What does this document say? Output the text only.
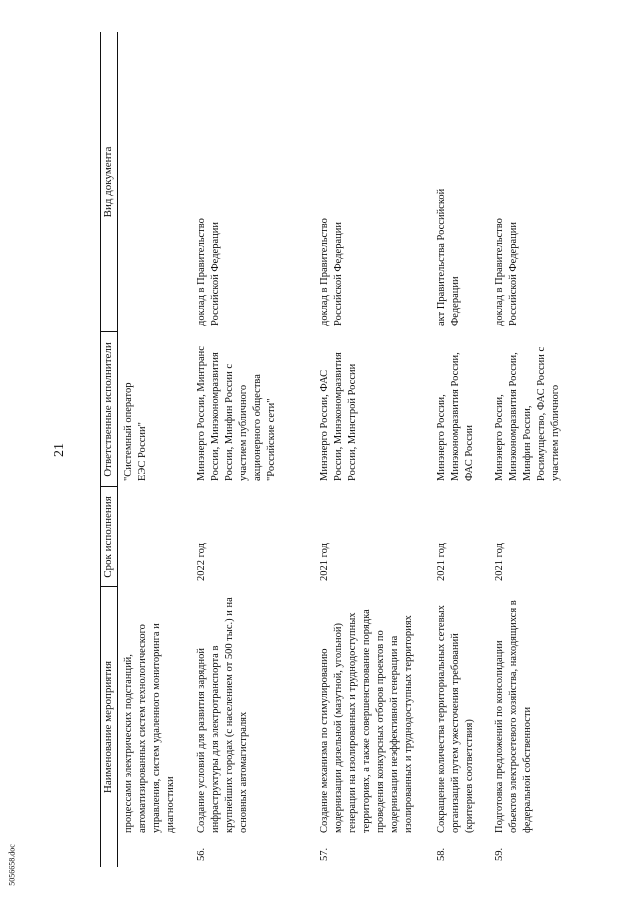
21
5056658.doc
Наименование мероприятия
Срок исполнения
Ответственные исполнители
Вид документа
процессами электрических подстанций, автоматизированных систем технологического управления, систем удаленного мониторинга и диагностики
"Системный оператор ЕЭС России"
56.
Создание условий для развития зарядной инфраструктуры для электротранспорта в крупнейших городах (с населением от 500 тыс.) и на основных автомагистралях
2022 год
Минэнерго России, Минтранс России, Минэкономразвития России, Минфин России с участием публичного акционерного общества "Российские сети"
доклад в Правительство Российской Федерации
57.
Создание механизма по стимулированию модернизации дизельной (мазутной, угольной) генерации на изолированных и труднодоступных территориях, а также совершенствование порядка проведения конкурсных отборов проектов по модернизации неэффективной генерации на изолированных и труднодоступных территориях
2021 год
Минэнерго России, ФАС России, Минэкономразвития России, Минстрой России
доклад в Правительство Российской Федерации
58.
Сокращение количества территориальных сетевых организаций путем ужесточения требований (критериев соответствия)
2021 год
Минэнерго России, Минэкономразвития России, ФАС России
акт Правительства Российской Федерации
59.
Подготовка предложений по консолидации объектов электросетевого хозяйства, находящихся в федеральной собственности
2021 год
Минэнерго России, Минэкономразвития России, Минфин России, Росимущество, ФАС России с участием публичного
доклад в Правительство Российской Федерации
